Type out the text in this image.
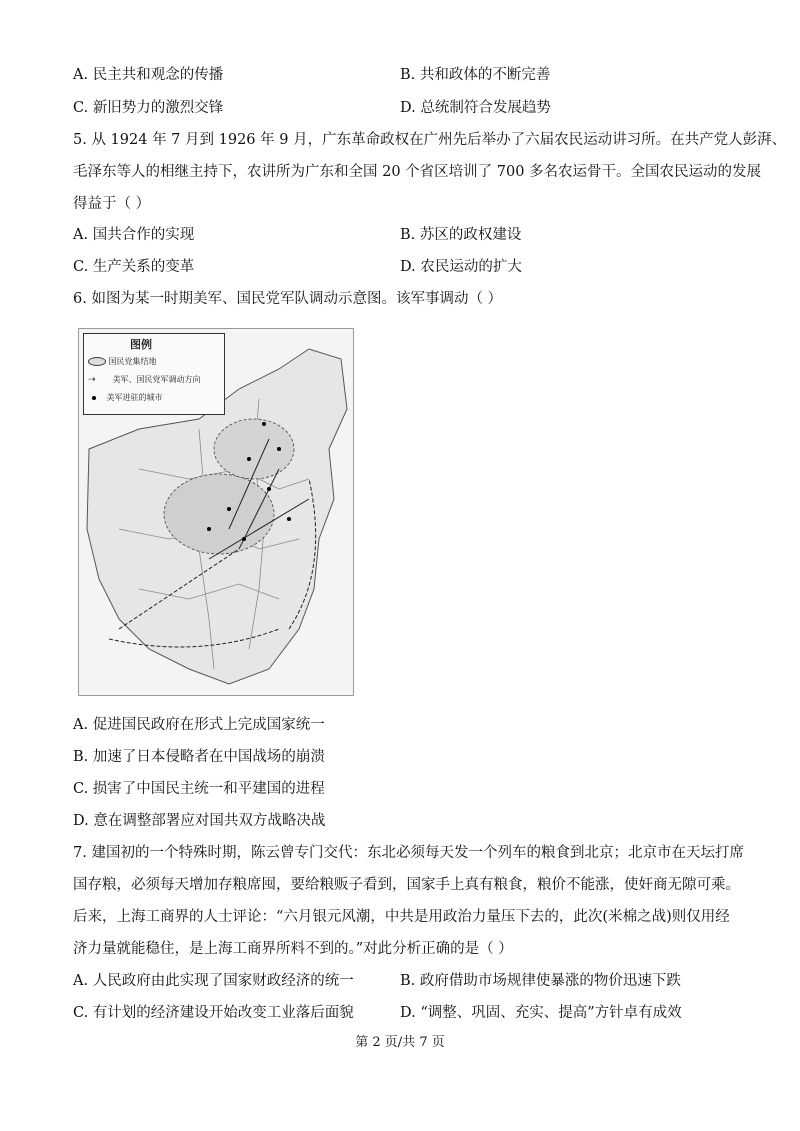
A. 民主共和观念的传播	B. 共和政体的不断完善
C. 新旧势力的激烈交锋	D. 总统制符合发展趋势
5. 从 1924 年 7 月到 1926 年 9 月，广东革命政权在广州先后举办了六届农民运动讲习所。在共产党人彭湃、
毛泽东等人的相继主持下，农讲所为广东和全国 20 个省区培训了 700 多名农运骨干。全国农民运动的发展
得益于（ ）
A. 国共合作的实现	B. 苏区的政权建设
C. 生产关系的变革	D. 农民运动的扩大
6. 如图为某一时期美军、国民党军队调动示意图。该军事调动（ ）
图例
国民党集结地
⇢ 美军、国民党军调动方向
美军进驻的城市
A. 促进国民政府在形式上完成国家统一
B. 加速了日本侵略者在中国战场的崩溃
C. 损害了中国民主统一和平建国的进程
D. 意在调整部署应对国共双方战略决战
7. 建国初的一个特殊时期，陈云曾专门交代：东北必须每天发一个列车的粮食到北京；北京市在天坛打席
国存粮，必须每天增加存粮席囤，要给粮贩子看到，国家手上真有粮食，粮价不能涨，使奸商无隙可乘。
后来，上海工商界的人士评论：“六月银元风潮，中共是用政治力量压下去的，此次(米棉之战)则仅用经
济力量就能稳住，是上海工商界所料不到的。”对此分析正确的是（ ）
A. 人民政府由此实现了国家财政经济的统一	B. 政府借助市场规律使暴涨的物价迅速下跌
C. 有计划的经济建设开始改变工业落后面貌	D. “调整、巩固、充实、提高”方针卓有成效
第 2 页/共 7 页
